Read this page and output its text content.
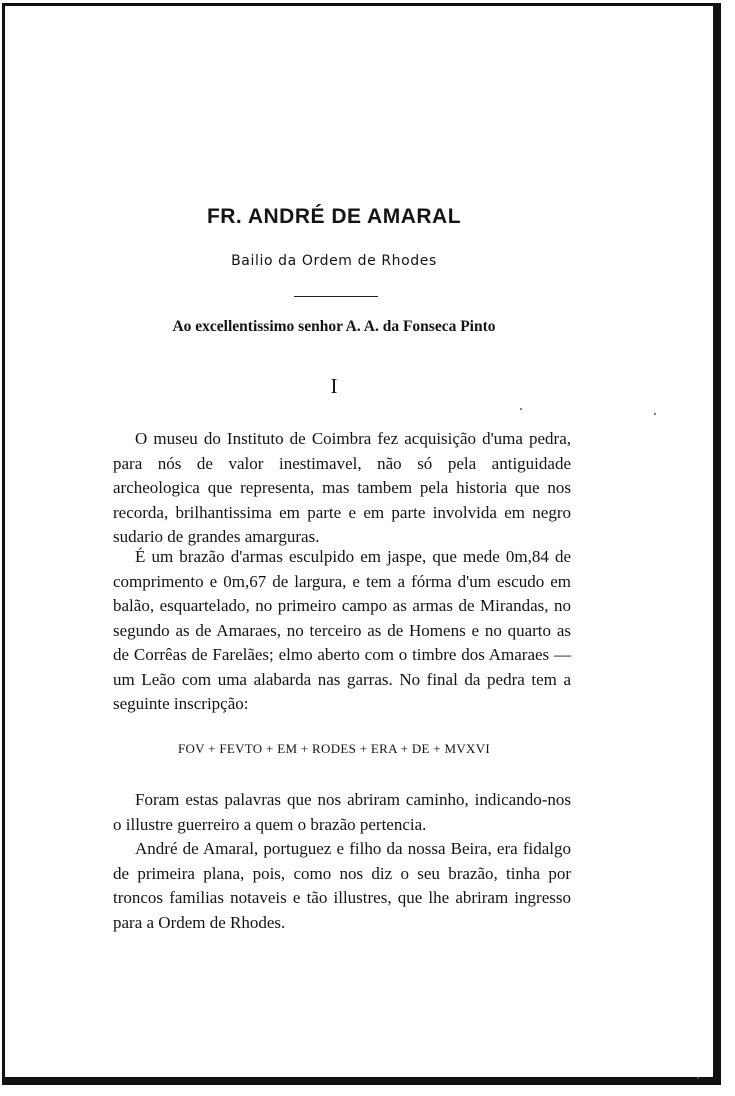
FR. ANDRÉ DE AMARAL
Bailio da Ordem de Rhodes
Ao excellentissimo senhor A. A. da Fonseca Pinto
I

O museu do Instituto de Coimbra fez acquisição d'uma pedra, para nós de valor inestimavel, não só pela antiguidade archeologica que representa, mas tambem pela historia que nos recorda, brilhantissima em parte e em parte involvida em negro sudario de grandes amarguras.

É um brazão d'armas esculpido em jaspe, que mede 0m,84 de comprimento e 0m,67 de largura, e tem a fórma d'um escudo em balão, esquartelado, no primeiro campo as armas de Mirandas, no segundo as de Amaraes, no terceiro as de Homens e no quarto as de Corrêas de Farelães; elmo aberto com o timbre dos Amaraes —um Leão com uma alabarda nas garras. No final da pedra tem a seguinte inscripção:

FOV + FEVTO + EM + RODES + ERA + DE + MVXVI

Foram estas palavras que nos abriram caminho, indicando-nos o illustre guerreiro a quem o brazão pertencia.

André de Amaral, portuguez e filho da nossa Beira, era fidalgo de primeira plana, pois, como nos diz o seu brazão, tinha por troncos familias notaveis e tão illustres, que lhe abriram ingresso para a Ordem de Rhodes.
